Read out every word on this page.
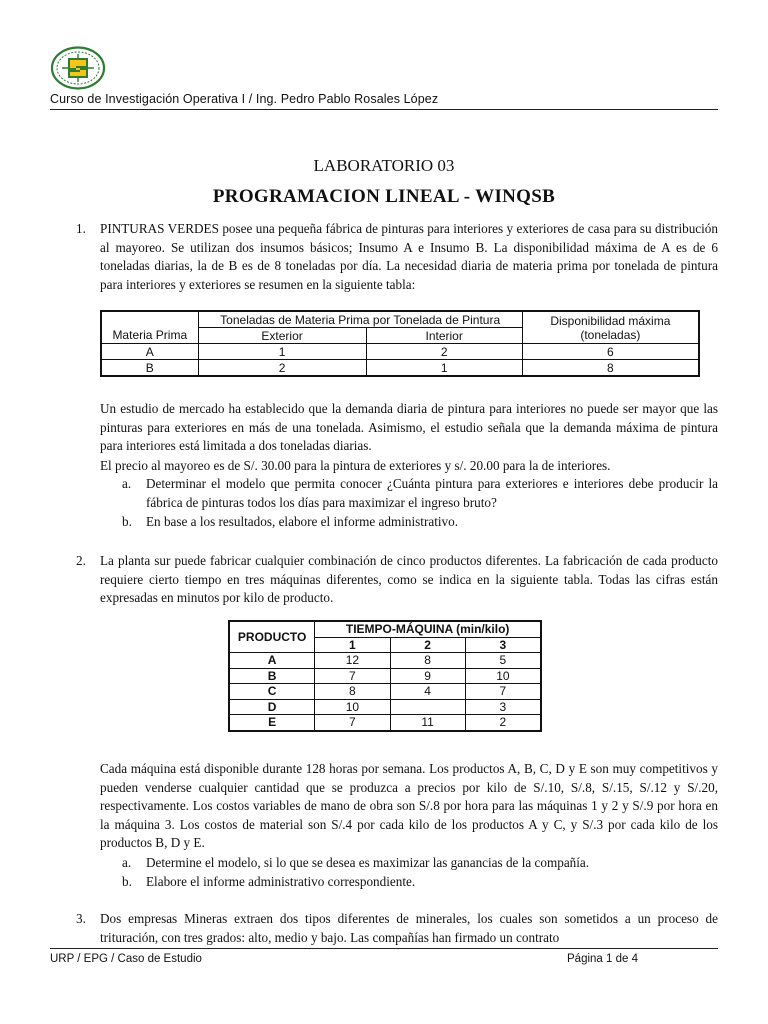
Curso de Investigación Operativa I / Ing. Pedro Pablo Rosales López
LABORATORIO 03
PROGRAMACION LINEAL - WINQSB
1. PINTURAS VERDES posee una pequeña fábrica de pinturas para interiores y exteriores de casa para su distribución al mayoreo. Se utilizan dos insumos básicos; Insumo A e Insumo B. La disponibilidad máxima de A es de 6 toneladas diarias, la de B es de 8 toneladas por día. La necesidad diaria de materia prima por tonelada de pintura para interiores y exteriores se resumen en la siguiente tabla:
Materia Prima	Toneladas de Materia Prima por Tonelada de Pintura		Disponibilidad máxima (toneladas)
	Exterior	Interior	
A	1	2	6
B	2	1	8
Un estudio de mercado ha establecido que la demanda diaria de pintura para interiores no puede ser mayor que las pinturas para exteriores en más de una tonelada. Asimismo, el estudio señala que la demanda máxima de pintura para interiores está limitada a dos toneladas diarias.
El precio al mayoreo es de S/. 30.00 para la pintura de exteriores y s/. 20.00 para la de interiores.
a. Determinar el modelo que permita conocer ¿Cuánta pintura para exteriores e interiores debe producir la fábrica de pinturas todos los días para maximizar el ingreso bruto?
b. En base a los resultados, elabore el informe administrativo.
2. La planta sur puede fabricar cualquier combinación de cinco productos diferentes. La fabricación de cada producto requiere cierto tiempo en tres máquinas diferentes, como se indica en la siguiente tabla. Todas las cifras están expresadas en minutos por kilo de producto.
PRODUCTO	TIEMPO-MÁQUINA (min/kilo)		
	1	2	3
A	12	8	5
B	7	9	10
C	8	4	7
D	10		3
E	7	11	2
Cada máquina está disponible durante 128 horas por semana. Los productos A, B, C, D y E son muy competitivos y pueden venderse cualquier cantidad que se produzca a precios por kilo de S/.10, S/.8, S/.15, S/.12 y S/.20, respectivamente. Los costos variables de mano de obra son S/.8 por hora para las máquinas 1 y 2 y S/.9 por hora en la máquina 3. Los costos de material son S/.4 por cada kilo de los productos A y C, y S/.3 por cada kilo de los productos B, D y E.
a. Determine el modelo, si lo que se desea es maximizar las ganancias de la compañía.
b. Elabore el informe administrativo correspondiente.
3. Dos empresas Mineras extraen dos tipos diferentes de minerales, los cuales son sometidos a un proceso de trituración, con tres grados: alto, medio y bajo. Las compañías han firmado un contrato
URP / EPG / Caso de Estudio	Página 1 de 4
